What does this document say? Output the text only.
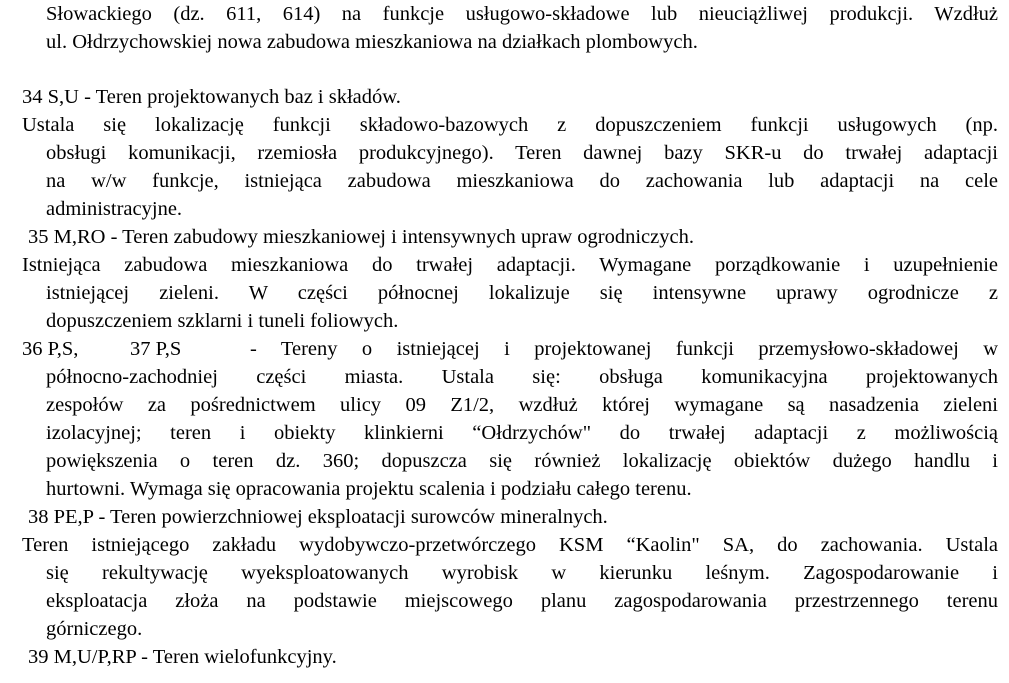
Słowackiego (dz. 611, 614) na funkcje usługowo-składowe lub nieuciążliwej produkcji. Wzdłuż
ul. Ołdrzychowskiej nowa zabudowa mieszkaniowa na działkach plombowych.
34 S,U - Teren projektowanych baz i składów.
Ustala się lokalizację funkcji składowo-bazowych z dopuszczeniem funkcji usługowych (np.
obsługi komunikacji, rzemiosła produkcyjnego). Teren dawnej bazy SKR-u do trwałej adaptacji
na w/w funkcje, istniejąca zabudowa mieszkaniowa do zachowania lub adaptacji na cele
administracyjne.
35 M,RO - Teren zabudowy mieszkaniowej i intensywnych upraw ogrodniczych.
Istniejąca zabudowa mieszkaniowa do trwałej adaptacji. Wymagane porządkowanie i uzupełnienie
istniejącej zieleni. W części północnej lokalizuje się intensywne uprawy ogrodnicze z
dopuszczeniem szklarni i tuneli foliowych.
36 P,S,	37 P,S	- Tereny o istniejącej i projektowanej funkcji przemysłowo-składowej w
północno-zachodniej części miasta. Ustala się: obsługa komunikacyjna projektowanych
zespołów za pośrednictwem ulicy 09 Z1/2, wzdłuż której wymagane są nasadzenia zieleni
izolacyjnej; teren i obiekty klinkierni “Ołdrzychów" do trwałej adaptacji z możliwością
powiększenia o teren dz. 360; dopuszcza się również lokalizację obiektów dużego handlu i
hurtowni. Wymaga się opracowania projektu scalenia i podziału całego terenu.
38 PE,P - Teren powierzchniowej eksploatacji surowców mineralnych.
Teren istniejącego zakładu wydobywczo-przetwórczego KSM “Kaolin" SA, do zachowania. Ustala
się rekultywację wyeksploatowanych wyrobisk w kierunku leśnym. Zagospodarowanie i
eksploatacja złoża na podstawie miejscowego planu zagospodarowania przestrzennego terenu
górniczego.
39 M,U/P,RP - Teren wielofunkcyjny.
